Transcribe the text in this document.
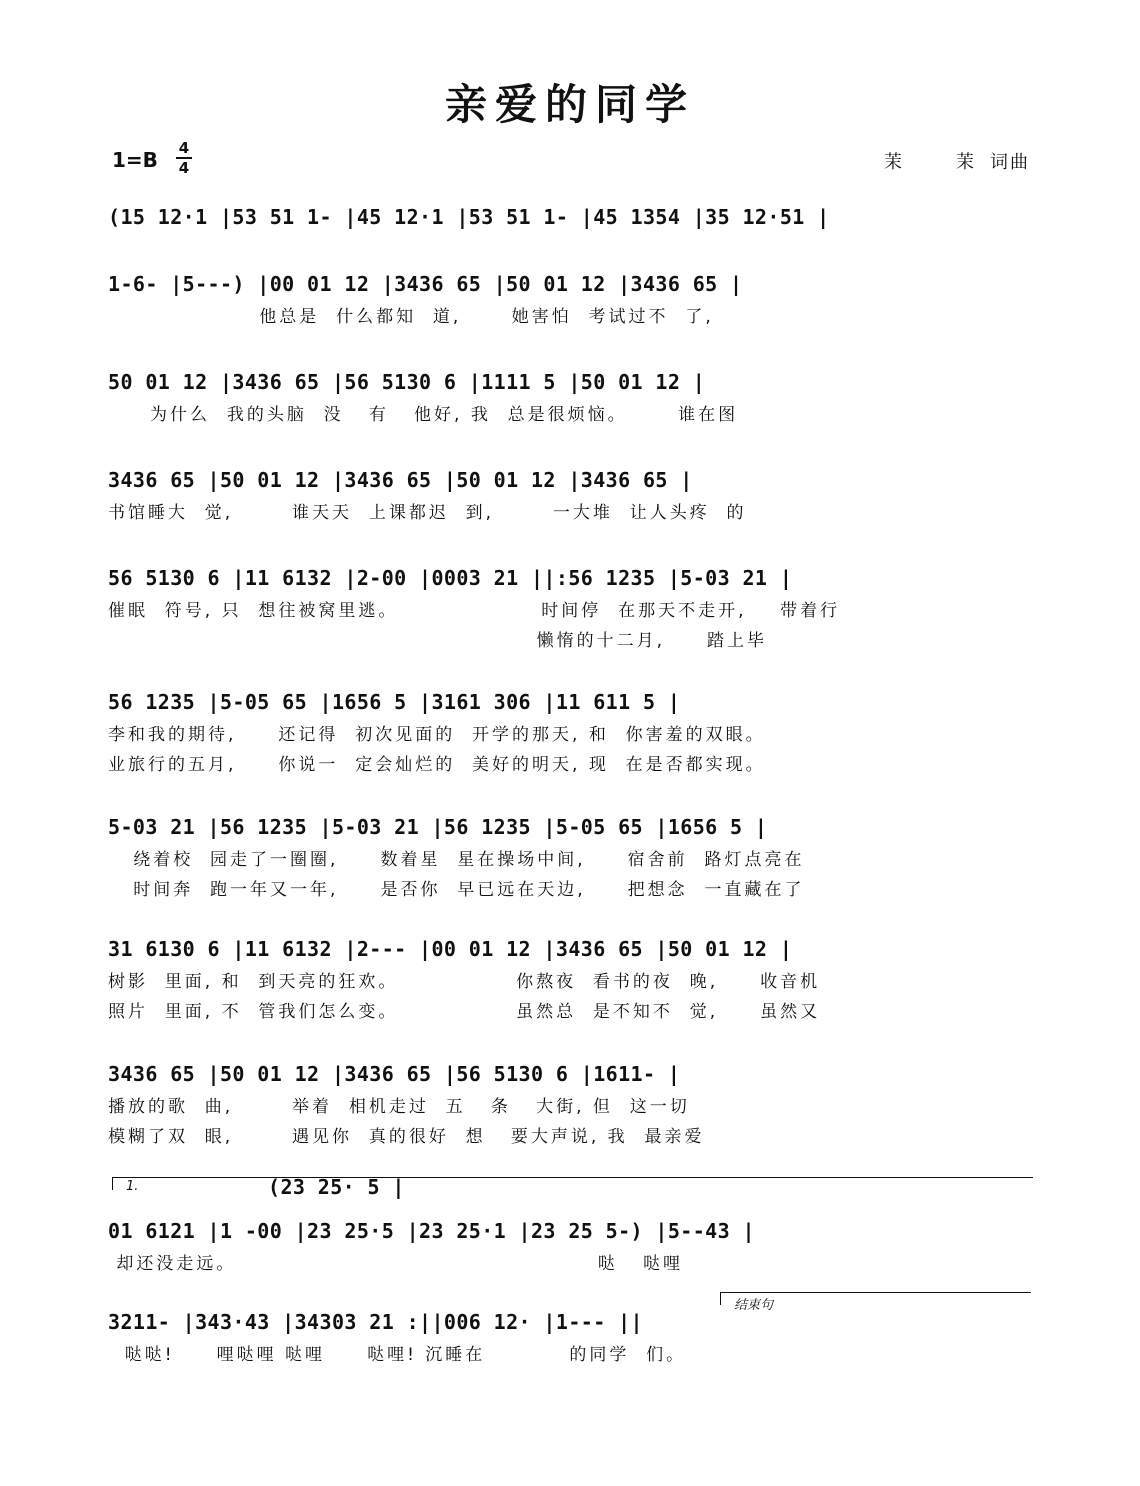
亲爱的同学
1=B 4
4	茉	茉 词曲
(15 12·1 |53 51 1- |45 12·1 |53 51 1- |45 1354 |35 12·51 |
1-6- |5---) |00 01 12 |3436 65 |50 01 12 |3436 65 |
他总是  什么都知  道,      她害怕  考试过不  了,
50 01 12 |3436 65 |56 5130 6 |1111 5 |50 01 12 |
为什么  我的头脑  没   有   他好, 我  总是很烦恼。      谁在图
3436 65 |50 01 12 |3436 65 |50 01 12 |3436 65 |
书馆睡大  觉,       谁天天  上课都迟  到,       一大堆  让人头疼  的
56 5130 6 |11 6132 |2-00 |0003 21 ||:56 1235 |5-03 21 |
催眠  符号, 只  想往被窝里逃。                 时间停  在那天不走开,    带着行
懒惰的十二月,     踏上毕
56 1235 |5-05 65 |1656 5 |3161 306 |11 611 5 |
李和我的期待,     还记得  初次见面的  开学的那天, 和  你害羞的双眼。
业旅行的五月,     你说一  定会灿烂的  美好的明天, 现  在是否都实现。
5-03 21 |56 1235 |5-03 21 |56 1235 |5-05 65 |1656 5 |
绕着校  园走了一圈圈,     数着星  星在操场中间,     宿舍前  路灯点亮在
时间奔  跑一年又一年,     是否你  早已远在天边,     把想念  一直藏在了
31 6130 6 |11 6132 |2--- |00 01 12 |3436 65 |50 01 12 |
树影  里面, 和  到天亮的狂欢。              你熬夜  看书的夜  晚,     收音机
照片  里面, 不  管我们怎么变。              虽然总  是不知不  觉,     虽然又
3436 65 |50 01 12 |3436 65 |56 5130 6 |1611- |
播放的歌  曲,       举着  相机走过  五   条   大街, 但  这一切
模糊了双  眼,       遇见你  真的很好  想   要大声说, 我  最亲爱
1.	(23 25· 5 |
01 6121 |1 -00 |23 25·5 |23 25·1 |23 25 5-) |5--43 |
却还没走远。                                           哒   哒哩
结束句
3211- |343·43 |34303 21 :||006 12· |1--- ||
哒哒!     哩哒哩 哒哩     哒哩! 沉睡在          的同学  们。
